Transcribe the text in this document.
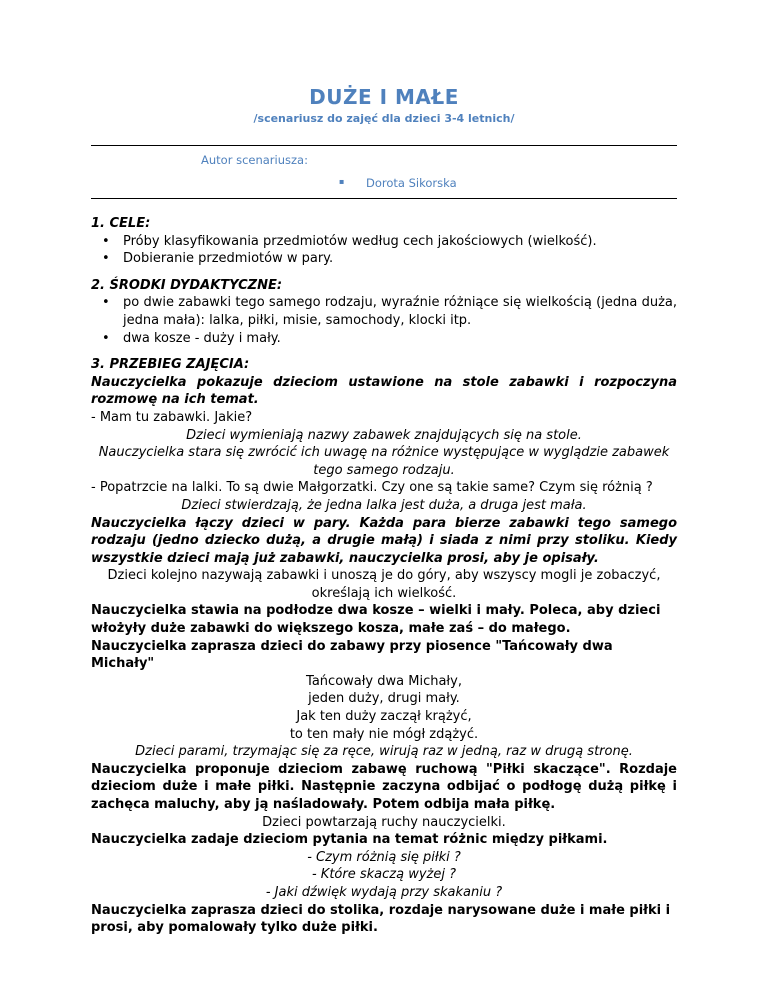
DUŻE I MAŁE
/scenariusz do zajęć dla dzieci 3-4 letnich/
Autor scenariusza:
▪ Dorota Sikorska
1. CELE:
• Próby klasyfikowania przedmiotów według cech jakościowych (wielkość).
• Dobieranie przedmiotów w pary.
2. ŚRODKI DYDAKTYCZNE:
• po dwie zabawki tego samego rodzaju, wyraźnie różniące się wielkością (jedna duża, jedna mała): lalka, piłki, misie, samochody, klocki itp.
• dwa kosze - duży i mały.
3. PRZEBIEG ZAJĘCIA:

Nauczycielka pokazuje dzieciom ustawione na stole zabawki i rozpoczyna rozmowę na ich temat.

- Mam tu zabawki. Jakie?

Dzieci wymieniają nazwy zabawek znajdujących się na stole.

Nauczycielka stara się zwrócić ich uwagę na różnice występujące w wyglądzie zabawek tego samego rodzaju.

- Popatrzcie na lalki. To są dwie Małgorzatki. Czy one są takie same? Czym się różnią ?

Dzieci stwierdzają, że jedna lalka jest duża, a druga jest mała.

Nauczycielka łączy dzieci w pary. Każda para bierze zabawki tego samego rodzaju (jedno dziecko dużą, a drugie małą) i siada z nimi przy stoliku. Kiedy wszystkie dzieci mają już zabawki, nauczycielka prosi, aby je opisały.

Dzieci kolejno nazywają zabawki i unoszą je do góry, aby wszyscy mogli je zobaczyć, określają ich wielkość.

Nauczycielka stawia na podłodze dwa kosze – wielki i mały. Poleca, aby dzieci włożyły duże zabawki do większego kosza, małe zaś – do małego.

Nauczycielka zaprasza dzieci do zabawy przy piosence "Tańcowały dwa Michały"

Tańcowały dwa Michały,

jeden duży, drugi mały.

Jak ten duży zaczął krążyć,

to ten mały nie mógł zdążyć.

Dzieci parami, trzymając się za ręce, wirują raz w jedną, raz w drugą stronę.

Nauczycielka proponuje dzieciom zabawę ruchową "Piłki skaczące". Rozdaje dzieciom duże i małe piłki. Następnie zaczyna odbijać o podłogę dużą piłkę i zachęca maluchy, aby ją naśladowały. Potem odbija mała piłkę.

Dzieci powtarzają ruchy nauczycielki.

Nauczycielka zadaje dzieciom pytania na temat różnic między piłkami.

- Czym różnią się piłki ?

- Które skaczą wyżej ?

- Jaki dźwięk wydają przy skakaniu ?

Nauczycielka zaprasza dzieci do stolika, rozdaje narysowane duże i małe piłki i prosi, aby pomalowały tylko duże piłki.
